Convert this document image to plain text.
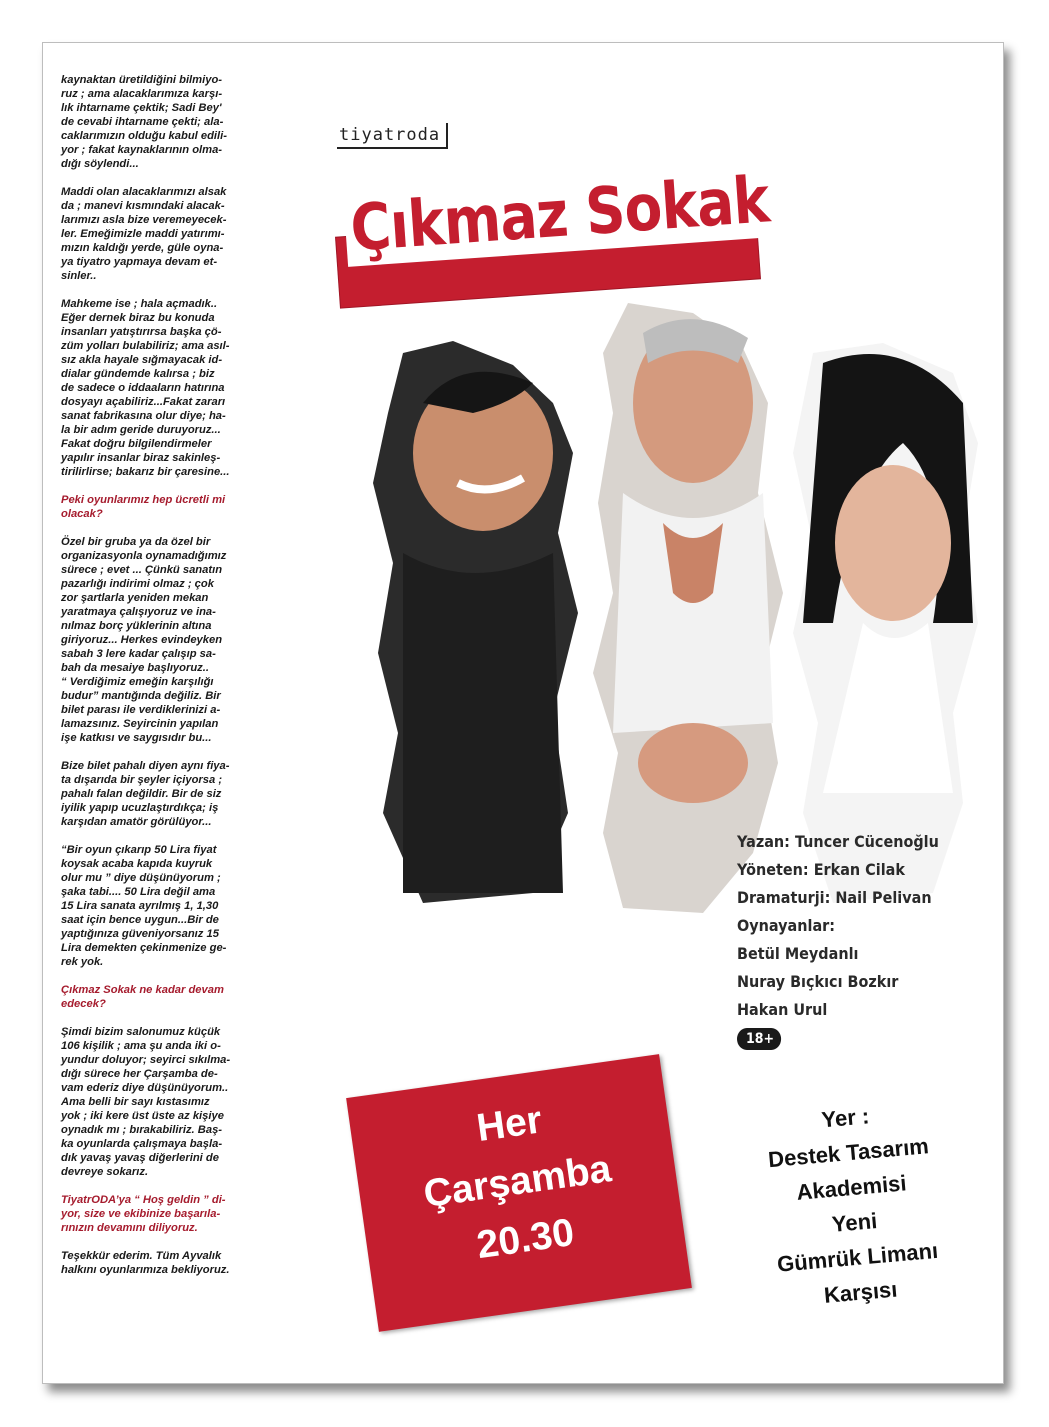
kaynaktan üretildiğini bilmiyo-
ruz ; ama alacaklarımıza karşı-
lık ihtarname çektik; Sadi Bey'
de cevabi ihtarname çekti; ala-
caklarımızın olduğu kabul edili-
yor ; fakat kaynaklarının olma-
dığı söylendi...

Maddi olan alacaklarımızı alsak
da ; manevi kısmındaki alacak-
larımızı asla bize veremeyecek-
ler. Emeğimizle maddi yatırımı-
mızın kaldığı yerde, güle oyna-
ya tiyatro yapmaya devam et-
sinler..

Mahkeme ise ; hala açmadık..
Eğer dernek biraz bu konuda
insanları yatıştırırsa başka çö-
züm yolları bulabiliriz; ama asıl-
sız akla hayale sığmayacak id-
dialar gündemde kalırsa ; biz
de sadece o iddaaların hatırına
dosyayı açabiliriz...Fakat zararı
sanat fabrikasına olur diye; ha-
la bir adım geride duruyoruz...
Fakat doğru bilgilendirmeler
yapılır insanlar biraz sakinleş-
tirilirlirse; bakarız bir çaresine...

Peki oyunlarımız hep ücretli mi
olacak?

Özel bir gruba ya da özel bir
organizasyonla oynamadığımız
sürece ; evet ... Çünkü sanatın
pazarlığı indirimi olmaz ; çok
zor şartlarla yeniden mekan
yaratmaya çalışıyoruz ve ina-
nılmaz borç yüklerinin altına
giriyoruz... Herkes evindeyken
sabah 3 lere kadar çalışıp sa-
bah da mesaiye başlıyoruz..
“ Verdiğimiz emeğin karşılığı
budur” mantığında değiliz. Bir
bilet parası ile verdiklerinizi a-
lamazsınız. Seyircinin yapılan
işe katkısı ve saygısıdır bu...

Bize bilet pahalı diyen aynı fiya-
ta dışarıda bir şeyler içiyorsa ;
pahalı falan değildir. Bir de siz
iyilik yapıp ucuzlaştırdıkça; iş
karşıdan amatör görülüyor...

“Bir oyun çıkarıp 50 Lira fiyat
koysak acaba kapıda kuyruk
olur mu ” diye düşünüyorum ;
şaka tabi.... 50 Lira değil ama
15 Lira sanata ayrılmış 1, 1,30
saat için bence uygun...Bir de
yaptığınıza güveniyorsanız 15
Lira demekten çekinmenize ge-
rek yok.

Çıkmaz Sokak ne kadar devam
edecek?

Şimdi bizim salonumuz küçük
106 kişilik ; ama şu anda iki o-
yundur doluyor; seyirci sıkılma-
dığı sürece her Çarşamba de-
vam ederiz diye düşünüyorum..
Ama belli bir sayı kıstasımız
yok ; iki kere üst üste az kişiye
oynadık mı ; bırakabiliriz. Baş-
ka oyunlarda çalışmaya başla-
dık yavaş yavaş diğerlerini de
devreye sokarız.

TiyatrODA’ya “ Hoş geldin ” di-
yor, size ve ekibinize başarıla-
rınızın devamını diliyoruz.

Teşekkür ederim. Tüm Ayvalık
halkını oyunlarımıza bekliyoruz.

tiyatroda
Çıkmaz Sokak
Yazan: Tuncer Cücenoğlu
Yöneten: Erkan Cilak
Dramaturji: Nail Pelivan
Oynayanlar:
Betül Meydanlı
Nuray Bıçkıcı Bozkır
Hakan Urul
18+
Her
Çarşamba
20.30
Yer :
Destek Tasarım
Akademisi
Yeni
Gümrük Limanı
Karşısı
